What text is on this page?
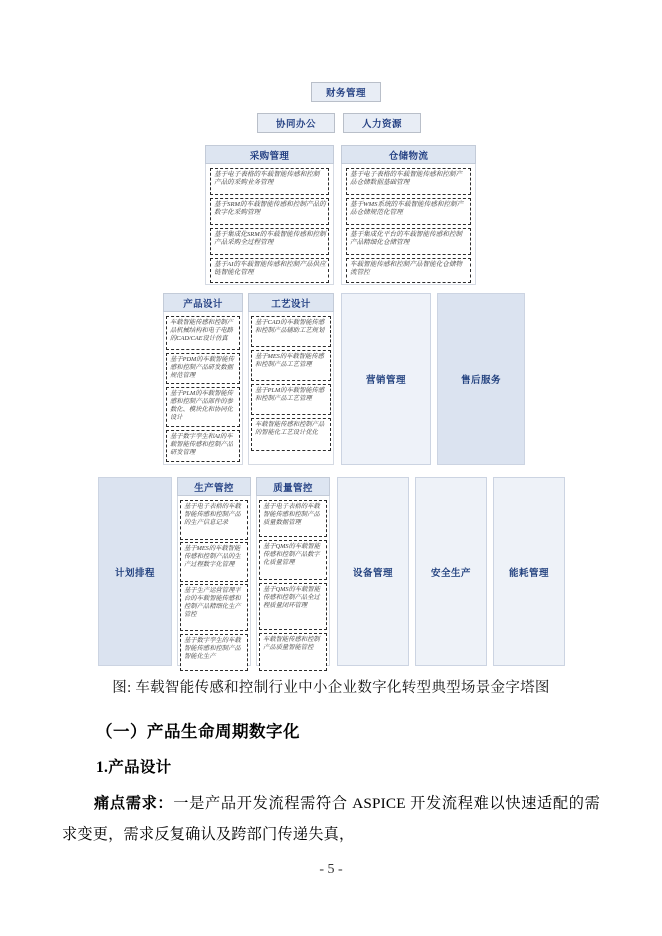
财务管理
协同办公	人力资源
采购管理
基于电子表格的车载智能传感和控制产品的采购业务管理
基于SRM的车载智能传感和控制产品的数字化采购管理
基于集成化SRM的车载智能传感和控制产品采购全过程管理
基于AI的车载智能传感和控制产品供应链智能化管理
仓储物流
基于电子表格的车载智能传感和控制产品仓储数据基础管理
基于WMS系统的车载智能传感和控制产品仓储规范化管理
基于集成化平台的车载智能传感和控制产品精细化仓储管理
车载智能传感和控制产品智能化仓储物流管控
产品设计
车载智能传感和控制产品机械结构和电子电路的CAD/CAE设计仿真
基于PDM的车载智能传感和控制产品研发数据规范管理
基于PLM的车载智能传感和控制产品部件的参数化、模块化和协同化设计
基于数字孪生和AI的车载智能传感和控制产品研发管理
工艺设计
基于CAD的车载智能传感和控制产品辅助工艺规划
基于MES的车载智能传感和控制产品工艺管理
基于PLM的车载智能传感和控制产品工艺管理
车载智能传感和控制产品的智能化工艺设计优化
营销管理	售后服务
计划排程
生产管控
基于电子表格的车载智能传感和控制产品的生产信息记录
基于MES的车载智能传感和控制产品的生产过程数字化管理
基于生产运营管理平台的车载智能传感和控制产品精细化生产管控
基于数字孪生的车载智能传感和控制产品智能化生产
质量管控
基于电子表格的车载智能传感和控制产品质量数据管理
基于QMS的车载智能传感和控制产品数字化质量管理
基于QMS的车载智能传感和控制产品全过程质量闭环管理
车载智能传感和控制产品质量智能管控
设备管理	安全生产	能耗管理
图: 车载智能传感和控制行业中小企业数字化转型典型场景金字塔图
（一）产品生命周期数字化
1.产品设计
痛点需求：一是产品开发流程需符合 ASPICE 开发流程难以快速适配的需求变更，需求反复确认及跨部门传递失真，
- 5 -
